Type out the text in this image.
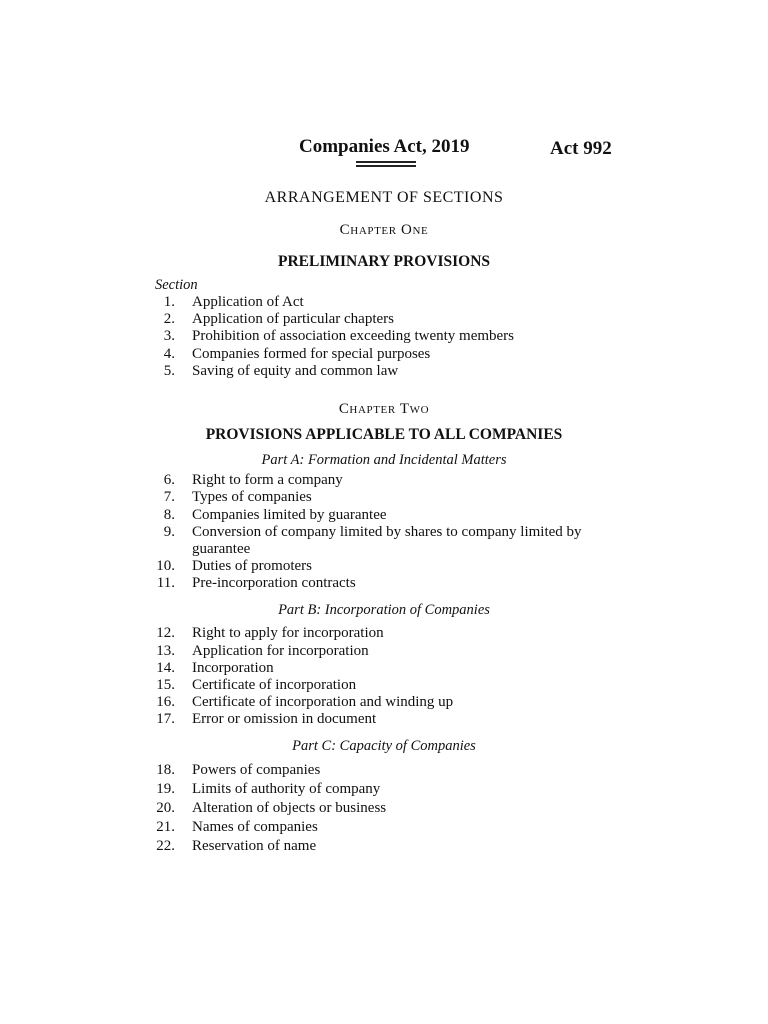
Companies Act, 2019	Act 992
ARRANGEMENT OF SECTIONS
Chapter One
PRELIMINARY PROVISIONS
Section
1. Application of Act
2. Application of particular chapters
3. Prohibition of association exceeding twenty members
4. Companies formed for special purposes
5. Saving of equity and common law
Chapter Two
PROVISIONS APPLICABLE TO ALL COMPANIES
Part A: Formation and Incidental Matters
6. Right to form a company
7. Types of companies
8. Companies limited by guarantee
9. Conversion of company limited by shares to company limited by guarantee
10. Duties of promoters
11. Pre-incorporation contracts
Part B: Incorporation of Companies
12. Right to apply for incorporation
13. Application for incorporation
14. Incorporation
15. Certificate of incorporation
16. Certificate of incorporation and winding up
17. Error or omission in document
Part C: Capacity of Companies
18. Powers of companies
19. Limits of authority of company
20. Alteration of objects or business
21. Names of companies
22. Reservation of name
